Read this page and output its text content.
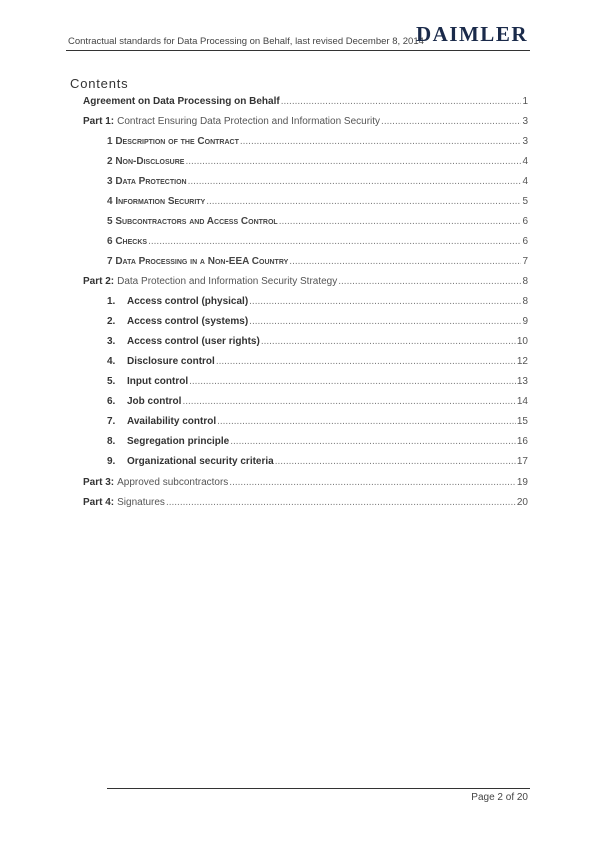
Contractual standards for Data Processing on Behalf, last revised December 8, 2014
DAIMLER
Contents
Agreement on Data Processing on Behalf .....	1
Part 1: Contract Ensuring Data Protection and Information Security .....	3
1 Description of the Contract .....	3
2 Non-Disclosure .....	4
3 Data Protection .....	4
4 Information Security .....	5
5 Subcontractors and Access Control .....	6
6 Checks .....	6
7 Data Processing in a Non-EEA Country .....	7
Part 2: Data Protection and Information Security Strategy .....	8
1. Access control (physical) .....	8
2. Access control (systems) .....	9
3. Access control (user rights) .....	10
4. Disclosure control .....	12
5. Input control .....	13
6. Job control .....	14
7. Availability control .....	15
8. Segregation principle .....	16
9. Organizational security criteria .....	17
Part 3: Approved subcontractors .....	19
Part 4: Signatures .....	20
Page 2 of 20
